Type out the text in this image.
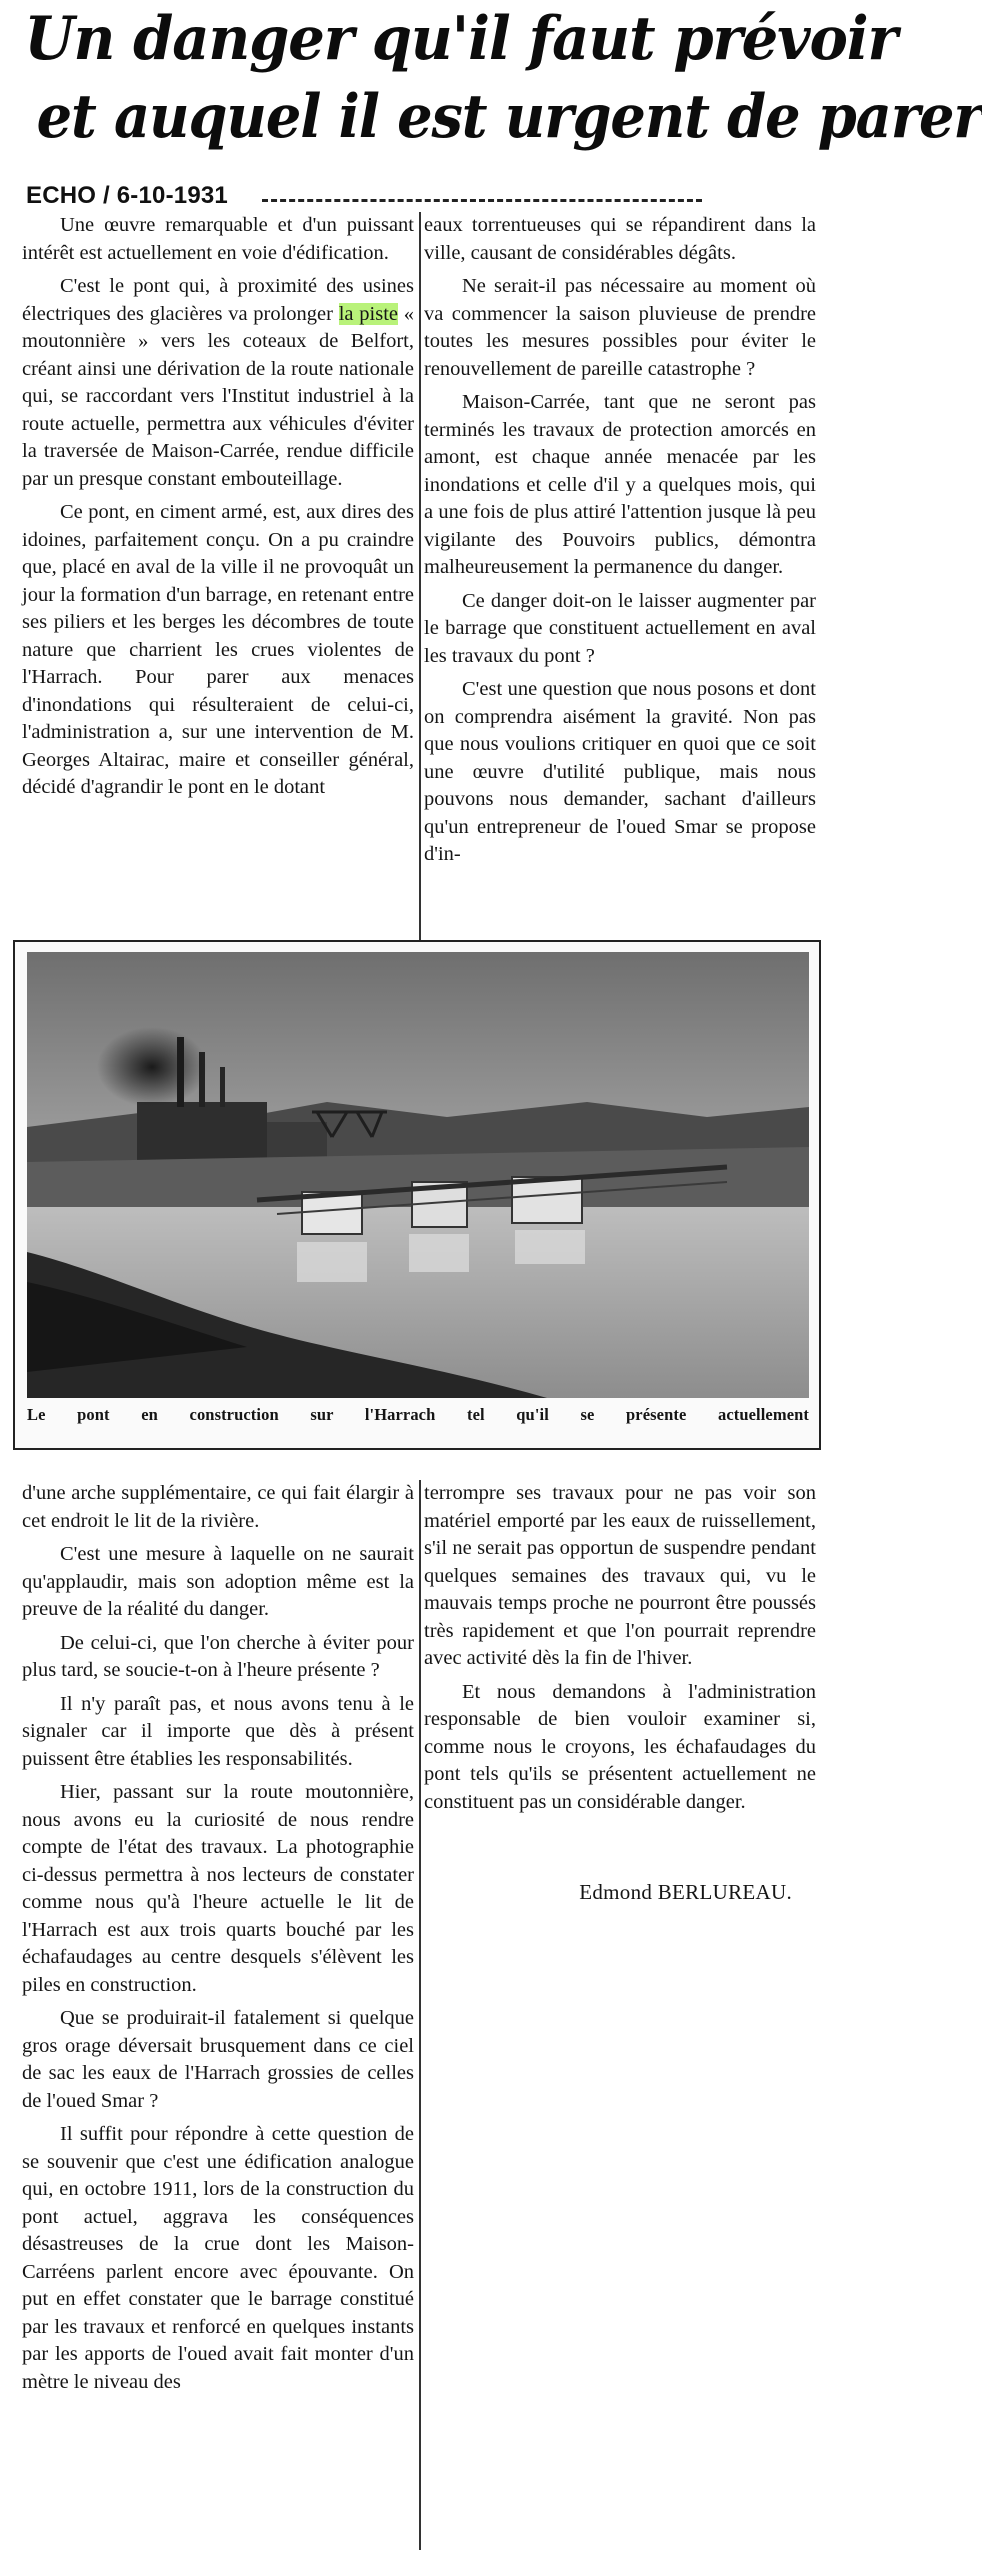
Un danger qu'il faut prévoir
et auquel il est urgent de parer
ECHO / 6-10-1931

Une œuvre remarquable et d'un puissant intérêt est actuellement en voie d'édification.

C'est le pont qui, à proximité des usines électriques des glacières va prolonger la piste « moutonnière » vers les coteaux de Belfort, créant ainsi une dérivation de la route nationale qui, se raccordant vers l'Institut industriel à la route actuelle, permettra aux véhicules d'éviter la traversée de Maison-Carrée, rendue difficile par un presque constant embouteillage.

Ce pont, en ciment armé, est, aux dires des idoines, parfaitement conçu. On a pu craindre que, placé en aval de la ville il ne provoquât un jour la formation d'un barrage, en retenant entre ses piliers et les berges les décombres de toute nature que charrient les crues violentes de l'Harrach. Pour parer aux menaces d'inondations qui résulteraient de celui-ci, l'administration a, sur une intervention de M. Georges Altairac, maire et conseiller général, décidé d'agrandir le pont en le dotant

eaux torrentueuses qui se répandirent dans la ville, causant de considérables dégâts.

Ne serait-il pas nécessaire au moment où va commencer la saison pluvieuse de prendre toutes les mesures possibles pour éviter le renouvellement de pareille catastrophe ?

Maison-Carrée, tant que ne seront pas terminés les travaux de protection amorcés en amont, est chaque année menacée par les inondations et celle d'il y a quelques mois, qui a une fois de plus attiré l'attention jusque là peu vigilante des Pouvoirs publics, démontra malheureusement la permanence du danger.

Ce danger doit-on le laisser augmenter par le barrage que constituent actuellement en aval les travaux du pont ?

C'est une question que nous posons et dont on comprendra aisément la gravité. Non pas que nous voulions critiquer en quoi que ce soit une œuvre d'utilité publique, mais nous pouvons nous demander, sachant d'ailleurs qu'un entrepreneur de l'oued Smar se propose d'in-

Le pont en construction sur l'Harrach tel qu'il se présente actuellement

d'une arche supplémentaire, ce qui fait élargir à cet endroit le lit de la rivière.

C'est une mesure à laquelle on ne saurait qu'applaudir, mais son adoption même est la preuve de la réalité du danger.

De celui-ci, que l'on cherche à éviter pour plus tard, se soucie-t-on à l'heure présente ?

Il n'y paraît pas, et nous avons tenu à le signaler car il importe que dès à présent puissent être établies les responsabilités.

Hier, passant sur la route moutonnière, nous avons eu la curiosité de nous rendre compte de l'état des travaux. La photographie ci-dessus permettra à nos lecteurs de constater comme nous qu'à l'heure actuelle le lit de l'Harrach est aux trois quarts bouché par les échafaudages au centre desquels s'élèvent les piles en construction.

Que se produirait-il fatalement si quelque gros orage déversait brusquement dans ce ciel de sac les eaux de l'Harrach grossies de celles de l'oued Smar ?

Il suffit pour répondre à cette question de se souvenir que c'est une édification analogue qui, en octobre 1911, lors de la construction du pont actuel, aggrava les conséquences désastreuses de la crue dont les Maison-Carréens parlent encore avec épouvante. On put en effet constater que le barrage constitué par les travaux et renforcé en quelques instants par les apports de l'oued avait fait monter d'un mètre le niveau des

terrompre ses travaux pour ne pas voir son matériel emporté par les eaux de ruissellement, s'il ne serait pas opportun de suspendre pendant quelques semaines des travaux qui, vu le mauvais temps proche ne pourront être poussés très rapidement et que l'on pourrait reprendre avec activité dès la fin de l'hiver.

Et nous demandons à l'administration responsable de bien vouloir examiner si, comme nous le croyons, les échafaudages du pont tels qu'ils se présentent actuellement ne constituent pas un considérable danger.

Edmond BERLUREAU.
